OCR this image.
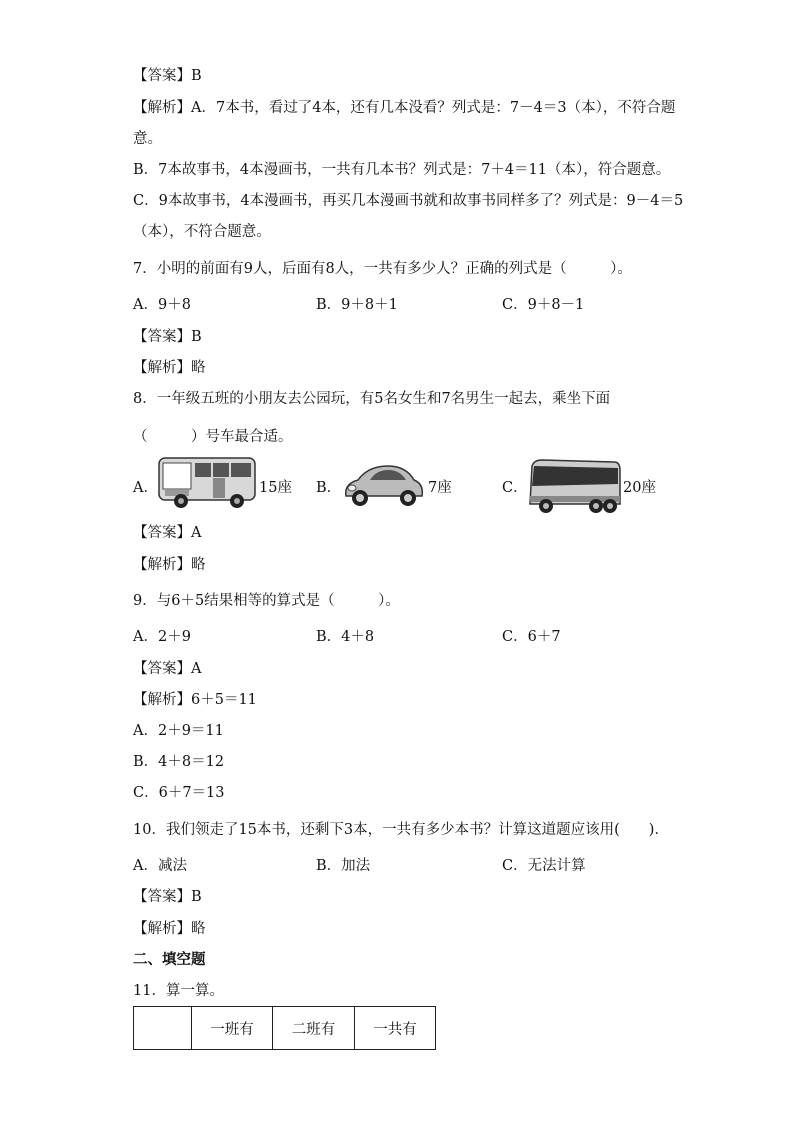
【答案】B
【解析】A．7本书，看过了4本，还有几本没看？列式是：7－4＝3（本），不符合题
意。
B．7本故事书，4本漫画书，一共有几本书？列式是：7＋4＝11（本），符合题意。
C．9本故事书，4本漫画书，再买几本漫画书就和故事书同样多了？列式是：9－4＝5
（本），不符合题意。
7．小明的前面有9人，后面有8人，一共有多少人？正确的列式是（　　　）。
A．9＋8	B．9＋8＋1	C．9＋8－1
【答案】B
【解析】略
8．一年级五班的小朋友去公园玩，有5名女生和7名男生一起去，乘坐下面
（　　　）号车最合适。
A．	15座 B．	7座	C．	20座
【答案】A
【解析】略
9．与6＋5结果相等的算式是（　　　）。
A．2＋9	B．4＋8	C．6＋7
【答案】A
【解析】6＋5＝11
A．2＋9＝11
B．4＋8＝12
C．6＋7＝13
10．我们领走了15本书，还剩下3本，一共有多少本书？计算这道题应该用(　　)．
A．减法	B．加法	C．无法计算
【答案】B
【解析】略
二、填空题
11．算一算。
	一班有	二班有	一共有
